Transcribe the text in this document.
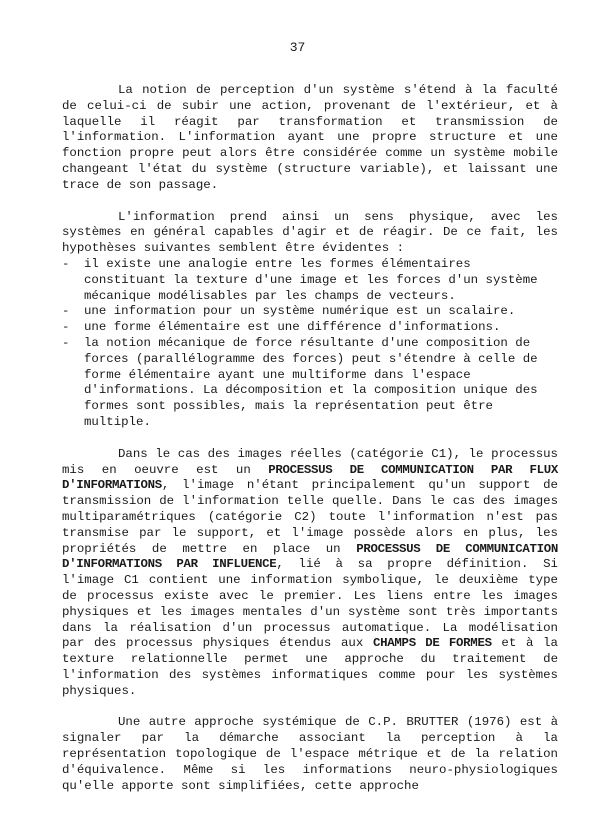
37

La notion de perception d'un système s'étend à la faculté de celui-ci de subir une action, provenant de l'extérieur, et à laquelle il réagit par transformation et transmission de l'information. L'information ayant une propre structure et une fonction propre peut alors être considérée comme un système mobile changeant l'état du système (structure variable), et laissant une trace de son passage.

L'information prend ainsi un sens physique, avec les systèmes en général capables d'agir et de réagir. De ce fait, les hypothèses suivantes semblent être évidentes :

- il existe une analogie entre les formes élémentaires constituant la texture d'une image et les forces d'un système mécanique modélisables par les champs de vecteurs.
- une information pour un système numérique est un scalaire.
- une forme élémentaire est une différence d'informations.
- la notion mécanique de force résultante d'une composition de forces (parallélogramme des forces) peut s'étendre à celle de forme élémentaire ayant une multiforme dans l'espace d'informations. La décomposition et la composition unique des formes sont possibles, mais la représentation peut être multiple.

Dans le cas des images réelles (catégorie C1), le processus mis en oeuvre est un PROCESSUS DE COMMUNICATION PAR FLUX D'INFORMATIONS, l'image n'étant principalement qu'un support de transmission de l'information telle quelle. Dans le cas des images multiparamétriques (catégorie C2) toute l'information n'est pas transmise par le support, et l'image possède alors en plus, les propriétés de mettre en place un PROCESSUS DE COMMUNICATION D'INFORMATIONS PAR INFLUENCE, lié à sa propre définition. Si l'image C1 contient une information symbolique, le deuxième type de processus existe avec le premier. Les liens entre les images physiques et les images mentales d'un système sont très importants dans la réalisation d'un processus automatique. La modélisation par des processus physiques étendus aux CHAMPS DE FORMES et à la texture relationnelle permet une approche du traitement de l'information des systèmes informatiques comme pour les systèmes physiques.

Une autre approche systémique de C.P. BRUTTER (1976) est à signaler par la démarche associant la perception à la représentation topologique de l'espace métrique et de la relation d'équivalence. Même si les informations neuro-physiologiques qu'elle apporte sont simplifiées, cette approche
